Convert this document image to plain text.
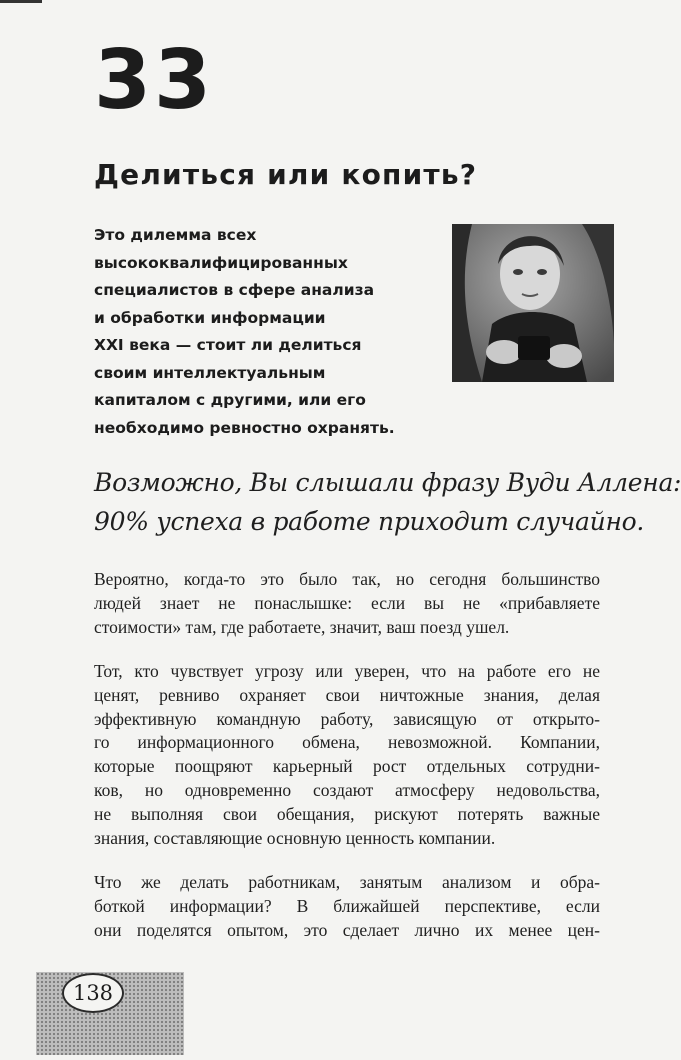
33
Делиться или копить?

Это дилемма всех
высококвалифицированных
специалистов в сфере анализа
и обработки информации
XXI века — стоит ли делиться
своим интеллектуальным
капиталом с другими, или его
необходимо ревностно охранять.

Возможно, Вы слышали фразу Вуди Аллена:
90% успеха в работе приходит случайно.
Вероятно, когда-то это было так, но сегодня большинство
людей знает не понаслышке: если вы не «прибавляете
стоимости» там, где работаете, значит, ваш поезд ушел.
Тот, кто чувствует угрозу или уверен, что на работе его не
ценят, ревниво охраняет свои ничтожные знания, делая
эффективную командную работу, зависящую от открыто-
го информационного обмена, невозможной. Компании,
которые поощряют карьерный рост отдельных сотрудни-
ков, но одновременно создают атмосферу недовольства,
не выполняя свои обещания, рискуют потерять важные
знания, составляющие основную ценность компании.
Что же делать работникам, занятым анализом и обра-
боткой информации? В ближайшей перспективе, если
они поделятся опытом, это сделает лично их менее цен-
138
